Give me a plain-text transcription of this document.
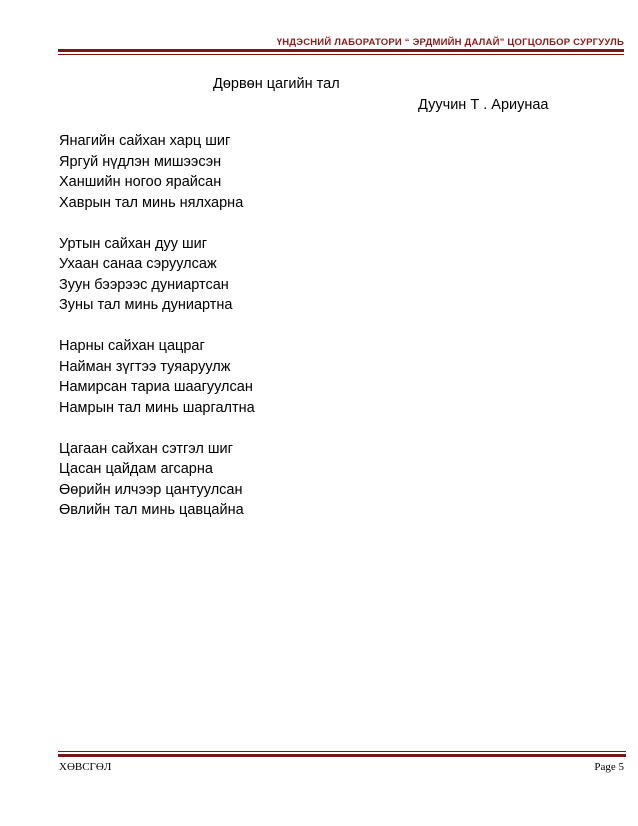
ҮНДЭСНИЙ ЛАБОРАТОРИ “ ЭРДМИЙН ДАЛАЙ” ЦОГЦОЛБОР СУРГУУЛЬ
Дөрвөн цагийн тал
Дуучин Т . Ариунаа
Янагийн сайхан харц шиг
Яргуй нүдлэн мишээсэн
Ханшийн ногоо ярайсан
Хаврын тал минь нялхарна
Уртын сайхан дуу шиг
Ухаан санаа сэруулсаж
Зуун бээрээс дуниартсан
Зуны тал минь дуниартна
Нарны сайхан цацраг
Найман зүгтээ туяаруулж
Намирсан тариа шаагуулсан
Намрын тал минь шаргалтна
Цагаан сайхан сэтгэл шиг
Цасан цайдам агсарна
Өөрийн илчээр цантуулсан
Өвлийн тал минь цавцайна
ХӨВСГӨЛ	Page 5
